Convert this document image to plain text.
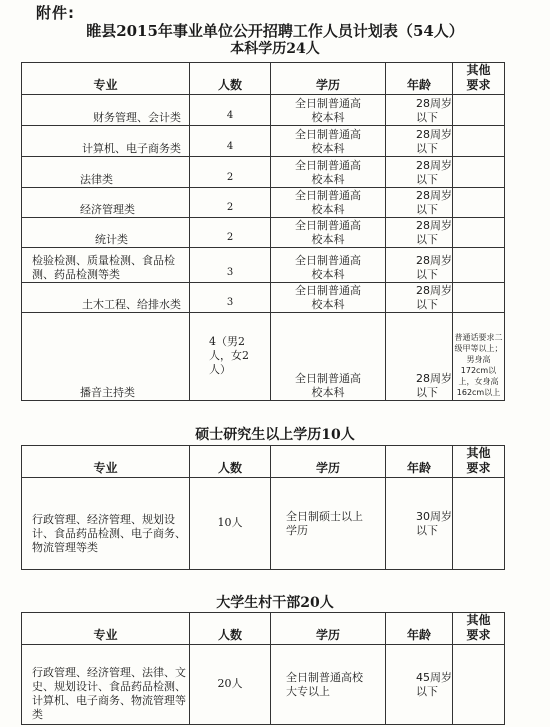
附件:
睢县2015年事业单位公开招聘工作人员计划表（54人）
本科学历24人
专业	人数	学历	年龄	其他要求

财务管理、会计类	4	全日制普通高校本科	28周岁以下	

计算机、电子商务类	4	全日制普通高校本科	28周岁以下	

法律类	2	全日制普通高校本科	28周岁以下	

经济管理类	2	全日制普通高校本科	28周岁以下	

统计类	2	全日制普通高校本科	28周岁以下	

检验检测、质量检测、食品检测、药品检测等类	3	全日制普通高校本科	28周岁以下	

土木工程、给排水类	3	全日制普通高校本科	28周岁以下	

播音主持类	4（男2人，女2人）	全日制普通高校本科	28周岁以下	普通话要求二级甲等以上；男身高172cm以上，女身高162cm以上
硕士研究生以上学历10人
专业	人数	学历	年龄	其他要求

行政管理、经济管理、规划设计、食品药品检测、电子商务、物流管理等类	10人	全日制硕士以上学历	30周岁以下	

大学生村干部20人
专业	人数	学历	年龄	其他要求

行政管理、经济管理、法律、文史、规划设计、食品药品检测、计算机、电子商务、物流管理等类	20人	全日制普通高校大专以上	45周岁以下	
